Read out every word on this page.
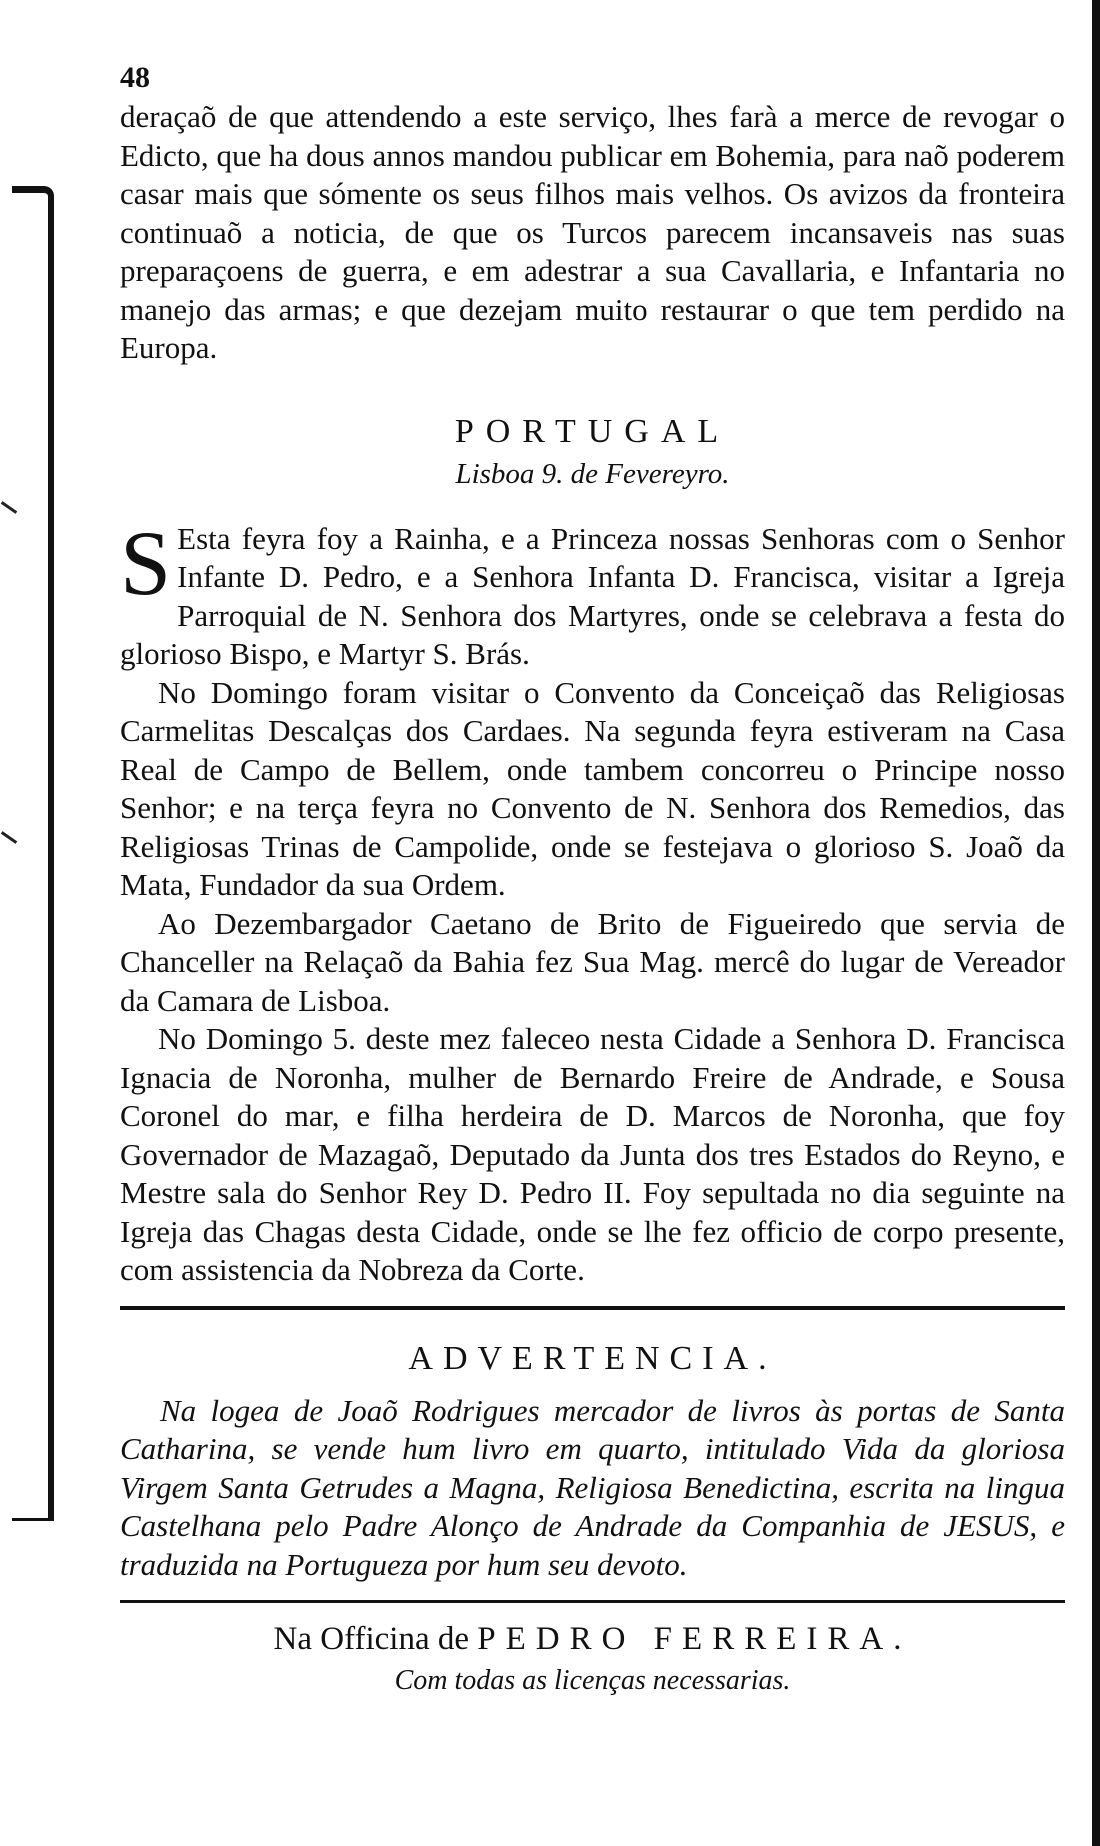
48

deraçaõ de que attendendo a este serviço, lhes farà a merce de revogar o Edicto, que ha dous annos mandou publicar em Bohemia, para naõ poderem casar mais que sómente os seus filhos mais velhos. Os avizos da fronteira continuaõ a noticia, de que os Turcos parecem incansaveis nas suas preparaçoens de guerra, e em adestrar a sua Cavallaria, e Infantaria no manejo das armas; e que dezejam muito restaurar o que tem perdido na Europa.

PORTUGAL
Lisboa 9. de Fevereyro.

S Esta feyra foy a Rainha, e a Princeza nossas Senhoras com o Senhor Infante D. Pedro, e a Senhora Infanta D. Francisca, visitar a Igreja Parroquial de N. Senhora dos Martyres, onde se celebrava a festa do glorioso Bispo, e Martyr S. Brás.

No Domingo foram visitar o Convento da Conceiçaõ das Religiosas Carmelitas Descalças dos Cardaes. Na segunda feyra estiveram na Casa Real de Campo de Bellem, onde tambem concorreu o Principe nosso Senhor; e na terça feyra no Convento de N. Senhora dos Remedios, das Religiosas Trinas de Campolide, onde se festejava o glorioso S. Joaõ da Mata, Fundador da sua Ordem.

Ao Dezembargador Caetano de Brito de Figueiredo que servia de Chanceller na Relaçaõ da Bahia fez Sua Mag. mercê do lugar de Vereador da Camara de Lisboa.

No Domingo 5. deste mez faleceo nesta Cidade a Senhora D. Francisca Ignacia de Noronha, mulher de Bernardo Freire de Andrade, e Sousa Coronel do mar, e filha herdeira de D. Marcos de Noronha, que foy Governador de Mazagaõ, Deputado da Junta dos tres Estados do Reyno, e Mestre sala do Senhor Rey D. Pedro II. Foy sepultada no dia seguinte na Igreja das Chagas desta Cidade, onde se lhe fez officio de corpo presente, com assistencia da Nobreza da Corte.

ADVERTENCIA.

Na logea de Joaõ Rodrigues mercador de livros às portas de Santa Catharina, se vende hum livro em quarto, intitulado Vida da gloriosa Virgem Santa Getrudes a Magna, Religiosa Benedictina, escrita na lingua Castelhana pelo Padre Alonço de Andrade da Companhia de JESUS, e traduzida na Portugueza por hum seu devoto.

Na Officina de PEDRO FERREIRA.
Com todas as licenças necessarias.
